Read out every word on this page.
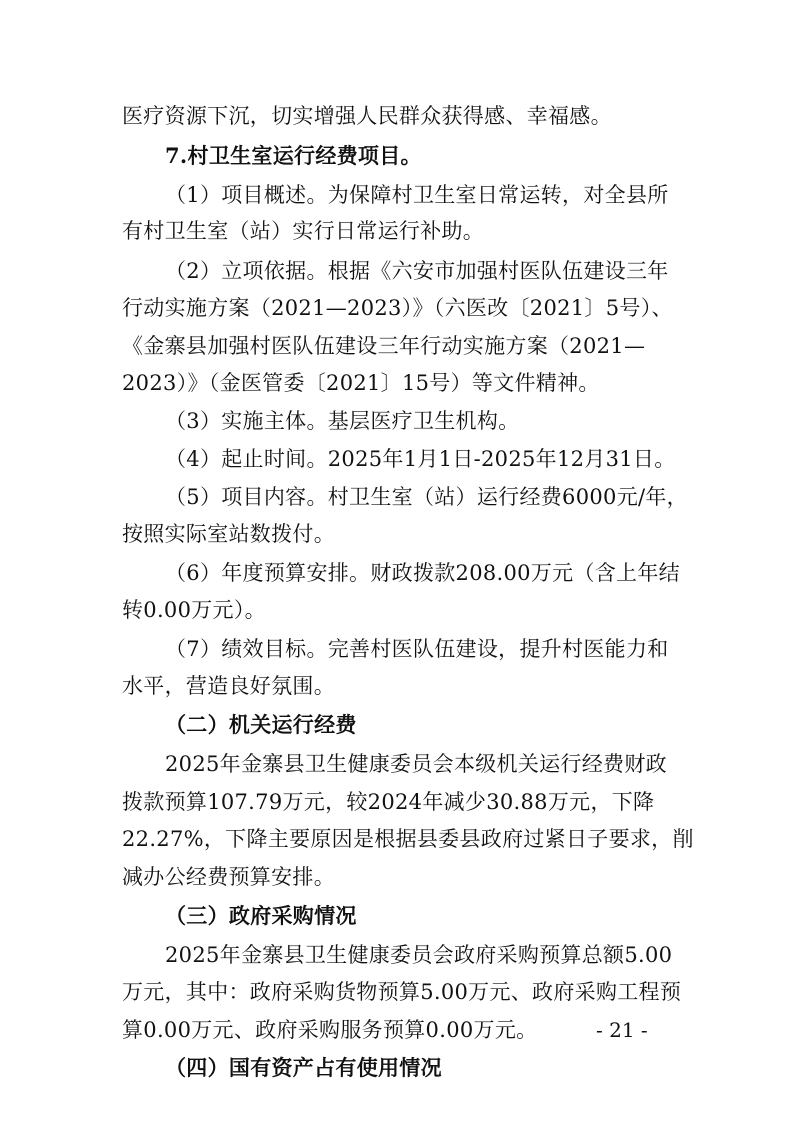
医疗资源下沉，切实增强人民群众获得感、幸福感。
7.村卫生室运行经费项目。
（1）项目概述。为保障村卫生室日常运转，对全县所
有村卫生室（站）实行日常运行补助。
（2）立项依据。根据《六安市加强村医队伍建设三年
行动实施方案（2021—2023）》（六医改〔2021〕5号）、
《金寨县加强村医队伍建设三年行动实施方案（2021—
2023）》（金医管委〔2021〕15号）等文件精神。
（3）实施主体。基层医疗卫生机构。
（4）起止时间。2025年1月1日-2025年12月31日。
（5）项目内容。村卫生室（站）运行经费6000元/年，
按照实际室站数拨付。
（6）年度预算安排。财政拨款208.00万元（含上年结
转0.00万元）。
（7）绩效目标。完善村医队伍建设，提升村医能力和
水平，营造良好氛围。
（二）机关运行经费
2025年金寨县卫生健康委员会本级机关运行经费财政
拨款预算107.79万元，较2024年减少30.88万元，下降
22.27%，下降主要原因是根据县委县政府过紧日子要求，削
减办公经费预算安排。
（三）政府采购情况
2025年金寨县卫生健康委员会政府采购预算总额5.00
万元，其中：政府采购货物预算5.00万元、政府采购工程预
算0.00万元、政府采购服务预算0.00万元。
（四）国有资产占有使用情况
- 21 -
